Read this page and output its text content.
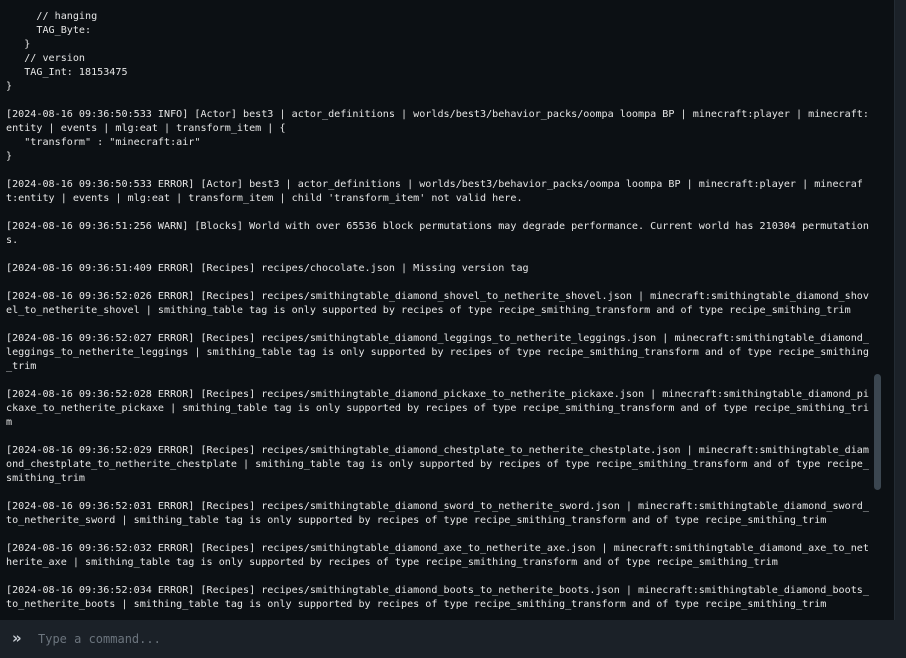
// hanging
TAG_Byte:
}
// version
TAG_Int: 18153475
}
[2024-08-16 09:36:50:533 INFO] [Actor] best3 | actor_definitions | worlds/best3/behavior_packs/oompa loompa BP | minecraft:player | minecraft:entity | events | mlg:eat | transform_item | {
"transform" : "minecraft:air"
}
[2024-08-16 09:36:50:533 ERROR] [Actor] best3 | actor_definitions | worlds/best3/behavior_packs/oompa loompa BP | minecraft:player | minecraft:entity | events | mlg:eat | transform_item | child 'transform_item' not valid here.
[2024-08-16 09:36:51:256 WARN] [Blocks] World with over 65536 block permutations may degrade performance. Current world has 210304 permutations.
[2024-08-16 09:36:51:409 ERROR] [Recipes] recipes/chocolate.json | Missing version tag
[2024-08-16 09:36:52:026 ERROR] [Recipes] recipes/smithingtable_diamond_shovel_to_netherite_shovel.json | minecraft:smithingtable_diamond_shovel_to_netherite_shovel | smithing_table tag is only supported by recipes of type recipe_smithing_transform and of type recipe_smithing_trim
[2024-08-16 09:36:52:027 ERROR] [Recipes] recipes/smithingtable_diamond_leggings_to_netherite_leggings.json | minecraft:smithingtable_diamond_leggings_to_netherite_leggings | smithing_table tag is only supported by recipes of type recipe_smithing_transform and of type recipe_smithing_trim
[2024-08-16 09:36:52:028 ERROR] [Recipes] recipes/smithingtable_diamond_pickaxe_to_netherite_pickaxe.json | minecraft:smithingtable_diamond_pickaxe_to_netherite_pickaxe | smithing_table tag is only supported by recipes of type recipe_smithing_transform and of type recipe_smithing_trim
[2024-08-16 09:36:52:029 ERROR] [Recipes] recipes/smithingtable_diamond_chestplate_to_netherite_chestplate.json | minecraft:smithingtable_diamond_chestplate_to_netherite_chestplate | smithing_table tag is only supported by recipes of type recipe_smithing_transform and of type recipe_smithing_trim
[2024-08-16 09:36:52:031 ERROR] [Recipes] recipes/smithingtable_diamond_sword_to_netherite_sword.json | minecraft:smithingtable_diamond_sword_to_netherite_sword | smithing_table tag is only supported by recipes of type recipe_smithing_transform and of type recipe_smithing_trim
[2024-08-16 09:36:52:032 ERROR] [Recipes] recipes/smithingtable_diamond_axe_to_netherite_axe.json | minecraft:smithingtable_diamond_axe_to_netherite_axe | smithing_table tag is only supported by recipes of type recipe_smithing_transform and of type recipe_smithing_trim
[2024-08-16 09:36:52:034 ERROR] [Recipes] recipes/smithingtable_diamond_boots_to_netherite_boots.json | minecraft:smithingtable_diamond_boots_to_netherite_boots | smithing_table tag is only supported by recipes of type recipe_smithing_transform and of type recipe_smithing_trim
»
Type a command...
